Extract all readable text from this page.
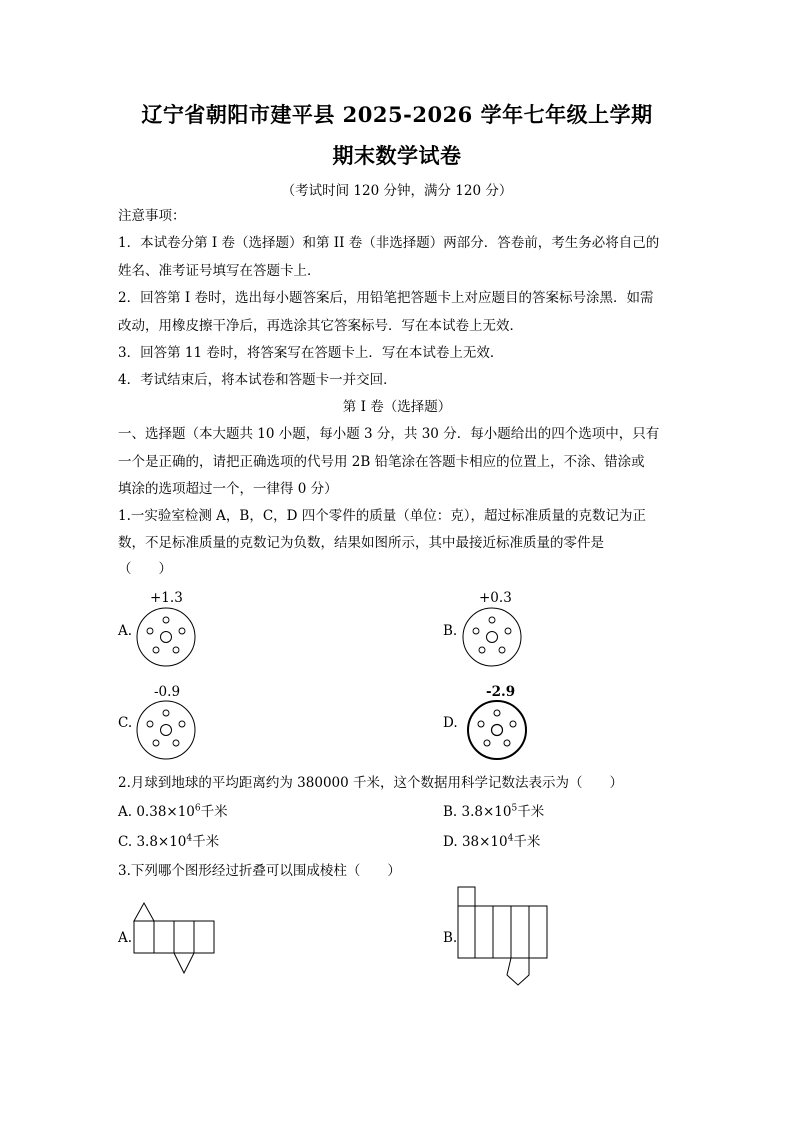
辽宁省朝阳市建平县 2025-2026 学年七年级上学期
期末数学试卷
（考试时间 120 分钟，满分 120 分）
注意事项：
1．本试卷分第 I 卷（选择题）和第 II 卷（非选择题）两部分．答卷前，考生务必将自己的
姓名、准考证号填写在答题卡上．
2．回答第 I 卷时，选出每小题答案后，用铅笔把答题卡上对应题目的答案标号涂黑．如需
改动，用橡皮擦干净后，再选涂其它答案标号．写在本试卷上无效．
3．回答第 11 卷时，将答案写在答题卡上．写在本试卷上无效．
4．考试结束后，将本试卷和答题卡一并交回．
第 I 卷（选择题）
一、选择题（本大题共 10 小题，每小题 3 分，共 30 分．每小题给出的四个选项中，只有
一个是正确的，请把正确选项的代号用 2B 铅笔涂在答题卡相应的位置上，不涂、错涂或
填涂的选项超过一个，一律得 0 分）
1.一实验室检测 A，B，C，D 四个零件的质量（单位：克），超过标准质量的克数记为正
数，不足标准质量的克数记为负数，结果如图所示，其中最接近标准质量的零件是
（　　）
+1.3
A.
+0.3
B.
-0.9
C.
-2.9
D.
2.月球到地球的平均距离约为 380000 千米，这个数据用科学记数法表示为（　　）
A. $0.38\times 10^6$千米	B. $3.8\times 10^5$千米
C. $3.8\times 10^4$千米	D. $38\times 10^4$千米
3.下列哪个图形经过折叠可以围成棱柱（　　）
A.	B.
